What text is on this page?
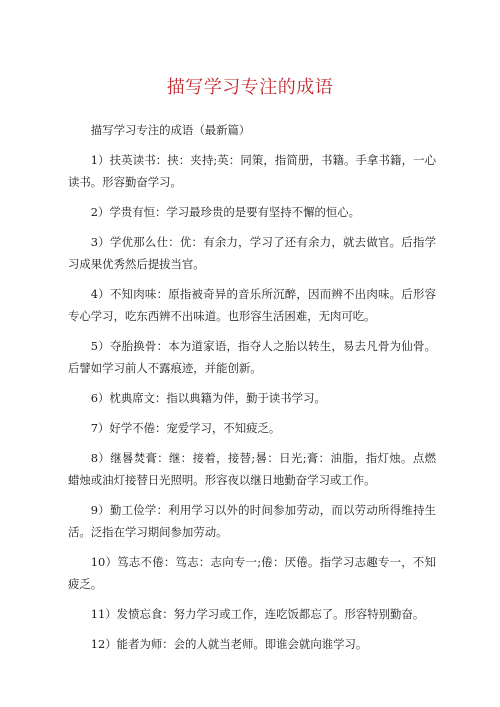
描写学习专注的成语

描写学习专注的成语（最新篇）

1）扶英读书：挟：夹持;英：同策，指简册，书籍。手拿书籍，一心读书。形容勤奋学习。

2）学贵有恒：学习最珍贵的是要有坚持不懈的恒心。

3）学优那么仕：优：有余力，学习了还有余力，就去做官。后指学习成果优秀然后提拔当官。

4）不知肉味：原指被奇异的音乐所沉醉，因而辨不出肉味。后形容专心学习，吃东西辨不出味道。也形容生活困难，无肉可吃。

5）夺胎换骨：本为道家语，指夺人之胎以转生，易去凡骨为仙骨。后譬如学习前人不露痕迹，并能创新。

6）枕典席文：指以典籍为伴，勤于读书学习。

7）好学不倦：宠爱学习，不知疲乏。

8）继晷焚膏：继：接着，接替;晷：日光;膏：油脂，指灯烛。点燃蜡烛或油灯接替日光照明。形容夜以继日地勤奋学习或工作。

9）勤工俭学：利用学习以外的时间参加劳动，而以劳动所得维持生活。泛指在学习期间参加劳动。

10）笃志不倦：笃志：志向专一;倦：厌倦。指学习志趣专一，不知疲乏。

11）发愤忘食：努力学习或工作，连吃饭都忘了。形容特别勤奋。

12）能者为师：会的人就当老师。即谁会就向谁学习。
